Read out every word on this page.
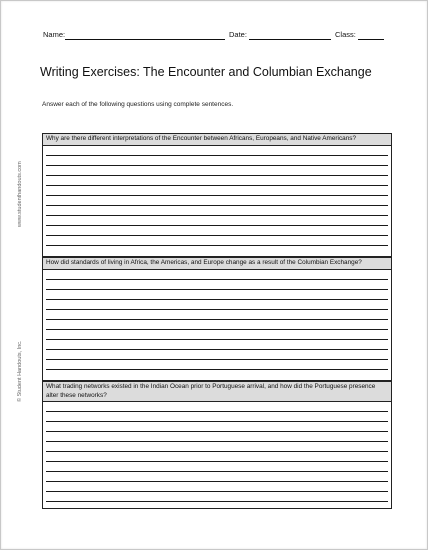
Name:	Date:	Class:
Writing Exercises: The Encounter and Columbian Exchange
Answer each of the following questions using complete sentences.
www.studenthandouts.com
© Student Handouts, Inc.
Why are there different interpretations of the Encounter between Africans, Europeans, and Native Americans?
How did standards of living in Africa, the Americas, and Europe change as a result of the Columbian Exchange?
What trading networks existed in the Indian Ocean prior to Portuguese arrival, and how did the Portuguese presence alter these networks?
